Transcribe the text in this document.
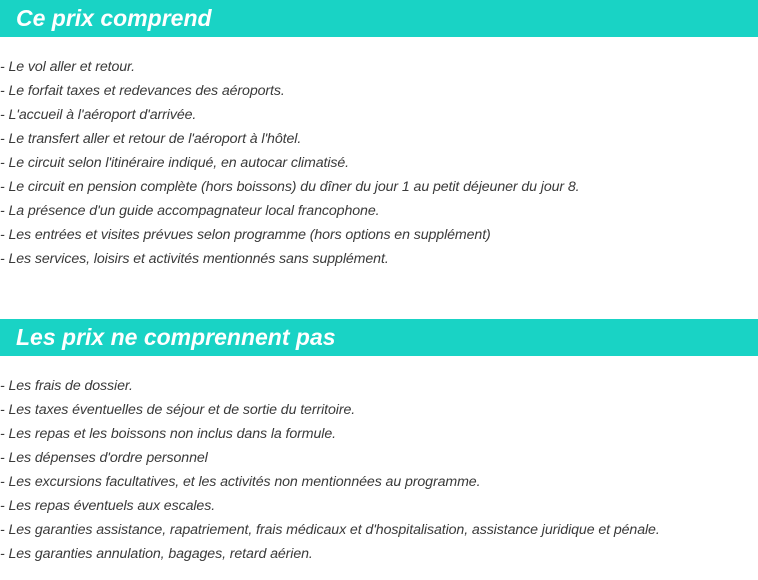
Ce prix comprend
- Le vol aller et retour.
- Le forfait taxes et redevances des aéroports.
- L'accueil à l'aéroport d'arrivée.
- Le transfert aller et retour de l'aéroport à l'hôtel.
- Le circuit selon l'itinéraire indiqué, en autocar climatisé.
- Le circuit en pension complète (hors boissons) du dîner du jour 1 au petit déjeuner du jour 8.
- La présence d'un guide accompagnateur local francophone.
- Les entrées et visites prévues selon programme (hors options en supplément)
- Les services, loisirs et activités mentionnés sans supplément.
Les prix ne comprennent pas
- Les frais de dossier.
- Les taxes éventuelles de séjour et de sortie du territoire.
- Les repas et les boissons non inclus dans la formule.
- Les dépenses d'ordre personnel
- Les excursions facultatives, et les activités non mentionnées au programme.
- Les repas éventuels aux escales.
- Les garanties assistance, rapatriement, frais médicaux et d'hospitalisation, assistance juridique et pénale.
- Les garanties annulation, bagages, retard aérien.
